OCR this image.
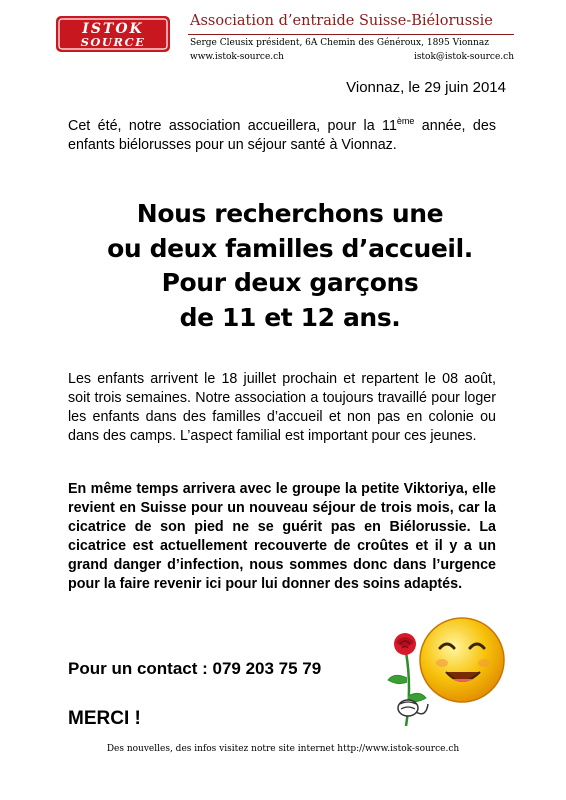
ISTOK
SOURCE
Association d’entraide Suisse-Biélorussie
Serge Cleusix président, 6A Chemin des Généroux, 1895 Vionnaz
www.istok-source.ch	istok@istok-source.ch
Vionnaz, le 29 juin 2014
Cet été, notre association accueillera, pour la 11ème année, des enfants biélorusses pour un séjour santé à Vionnaz.
Nous recherchons une
ou deux familles d’accueil.
Pour deux garçons
de 11 et 12 ans.
Les enfants arrivent le 18 juillet prochain et repartent le 08 août, soit trois semaines. Notre association a toujours travaillé pour loger les enfants dans des familles d’accueil et non pas en colonie ou dans des camps. L’aspect familial est important pour ces jeunes.
En même temps arrivera avec le groupe la petite Viktoriya, elle revient en Suisse pour un nouveau séjour de trois mois, car la cicatrice de son pied ne se guérit pas en Biélorussie. La cicatrice est actuellement recouverte de croûtes et il y a un grand danger d’infection, nous sommes donc dans l’urgence pour la faire revenir ici pour lui donner des soins adaptés.
Pour un contact : 079 203 75 79
MERCI !
Des nouvelles, des infos visitez notre site internet http://www.istok-source.ch
